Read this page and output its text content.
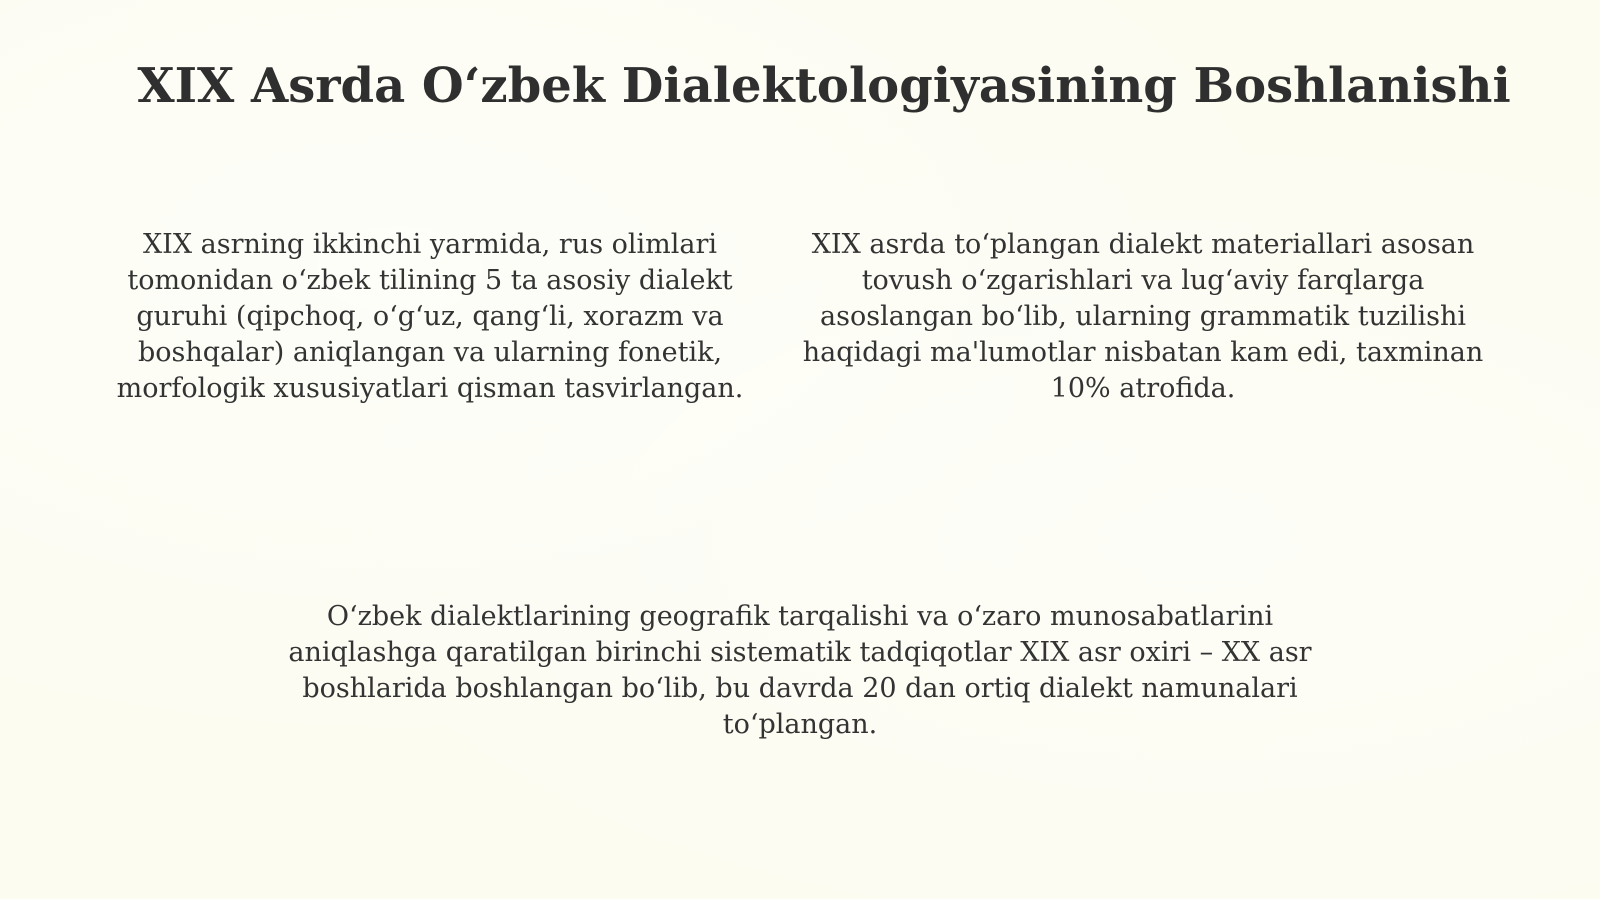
XIX Asrda O‘zbek Dialektologiyasining Boshlanishi

XIX asrning ikkinchi yarmida, rus olimlari tomonidan o‘zbek tilining 5 ta asosiy dialekt guruhi (qipchoq, o‘g‘uz, qang‘li, xorazm va boshqalar) aniqlangan va ularning fonetik, morfologik xususiyatlari qisman tasvirlangan.

XIX asrda to‘plangan dialekt materiallari asosan tovush o‘zgarishlari va lug‘aviy farqlarga asoslangan bo‘lib, ularning grammatik tuzilishi haqidagi ma'lumotlar nisbatan kam edi, taxminan 10% atrofida.

O‘zbek dialektlarining geografik tarqalishi va o‘zaro munosabatlarini aniqlashga qaratilgan birinchi sistematik tadqiqotlar XIX asr oxiri – XX asr boshlarida boshlangan bo‘lib, bu davrda 20 dan ortiq dialekt namunalari to‘plangan.
